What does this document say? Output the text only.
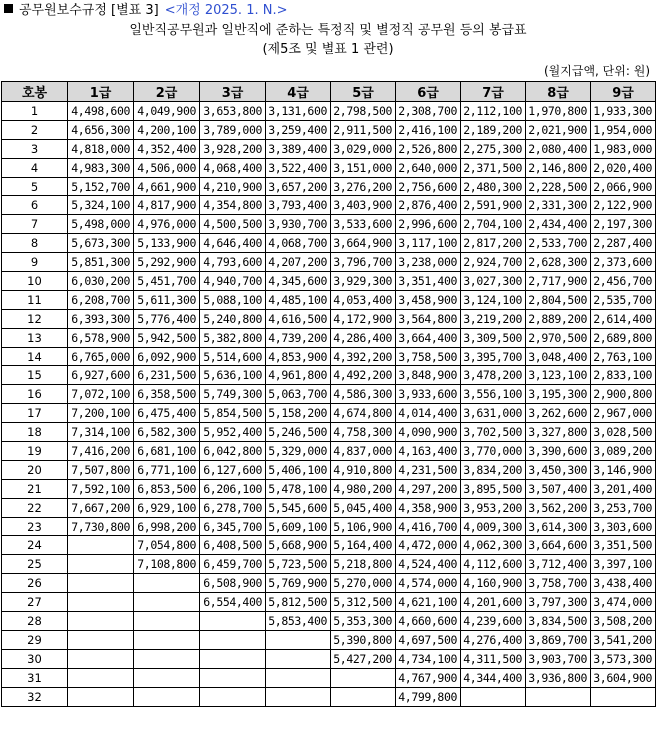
공무원보수규정 [별표 3] <개정 2025. 1. N.>
일반직공무원과 일반직에 준하는 특정직 및 별정직 공무원 등의 봉급표
(제5조 및 별표 1 관련)
(월지급액, 단위: 원)
호봉	1급	2급	3급	4급	5급	6급	7급	8급	9급
1	4,498,600	4,049,900	3,653,800	3,131,600	2,798,500	2,308,700	2,112,100	1,970,800	1,933,300
2	4,656,300	4,200,100	3,789,000	3,259,400	2,911,500	2,416,100	2,189,200	2,021,900	1,954,000
3	4,818,000	4,352,400	3,928,200	3,389,400	3,029,000	2,526,800	2,275,300	2,080,400	1,983,000
4	4,983,300	4,506,000	4,068,400	3,522,400	3,151,000	2,640,000	2,371,500	2,146,800	2,020,400
5	5,152,700	4,661,900	4,210,900	3,657,200	3,276,200	2,756,600	2,480,300	2,228,500	2,066,900
6	5,324,100	4,817,900	4,354,800	3,793,400	3,403,900	2,876,400	2,591,900	2,331,300	2,122,900
7	5,498,000	4,976,000	4,500,500	3,930,700	3,533,600	2,996,600	2,704,100	2,434,400	2,197,300
8	5,673,300	5,133,900	4,646,400	4,068,700	3,664,900	3,117,100	2,817,200	2,533,700	2,287,400
9	5,851,300	5,292,900	4,793,600	4,207,200	3,796,700	3,238,000	2,924,700	2,628,300	2,373,600
10	6,030,200	5,451,700	4,940,700	4,345,600	3,929,300	3,351,400	3,027,300	2,717,900	2,456,700
11	6,208,700	5,611,300	5,088,100	4,485,100	4,053,400	3,458,900	3,124,100	2,804,500	2,535,700
12	6,393,300	5,776,400	5,240,800	4,616,500	4,172,900	3,564,800	3,219,200	2,889,200	2,614,400
13	6,578,900	5,942,500	5,382,800	4,739,200	4,286,400	3,664,400	3,309,500	2,970,500	2,689,800
14	6,765,000	6,092,900	5,514,600	4,853,900	4,392,200	3,758,500	3,395,700	3,048,400	2,763,100
15	6,927,600	6,231,500	5,636,100	4,961,800	4,492,200	3,848,900	3,478,200	3,123,100	2,833,100
16	7,072,100	6,358,500	5,749,300	5,063,700	4,586,300	3,933,600	3,556,100	3,195,300	2,900,800
17	7,200,100	6,475,400	5,854,500	5,158,200	4,674,800	4,014,400	3,631,000	3,262,600	2,967,000
18	7,314,100	6,582,300	5,952,400	5,246,500	4,758,300	4,090,900	3,702,500	3,327,800	3,028,500
19	7,416,200	6,681,100	6,042,800	5,329,000	4,837,000	4,163,400	3,770,000	3,390,600	3,089,200
20	7,507,800	6,771,100	6,127,600	5,406,100	4,910,800	4,231,500	3,834,200	3,450,300	3,146,900
21	7,592,100	6,853,500	6,206,100	5,478,100	4,980,200	4,297,200	3,895,500	3,507,400	3,201,400
22	7,667,200	6,929,100	6,278,700	5,545,600	5,045,400	4,358,900	3,953,200	3,562,200	3,253,700
23	7,730,800	6,998,200	6,345,700	5,609,100	5,106,900	4,416,700	4,009,300	3,614,300	3,303,600
24		7,054,800	6,408,500	5,668,900	5,164,400	4,472,000	4,062,300	3,664,600	3,351,500
25		7,108,800	6,459,700	5,723,500	5,218,800	4,524,400	4,112,600	3,712,400	3,397,100
26			6,508,900	5,769,900	5,270,000	4,574,000	4,160,900	3,758,700	3,438,400
27			6,554,400	5,812,500	5,312,500	4,621,100	4,201,600	3,797,300	3,474,000
28				5,853,400	5,353,300	4,660,600	4,239,600	3,834,500	3,508,200
29					5,390,800	4,697,500	4,276,400	3,869,700	3,541,200
30					5,427,200	4,734,100	4,311,500	3,903,700	3,573,300
31						4,767,900	4,344,400	3,936,800	3,604,900
32						4,799,800			
